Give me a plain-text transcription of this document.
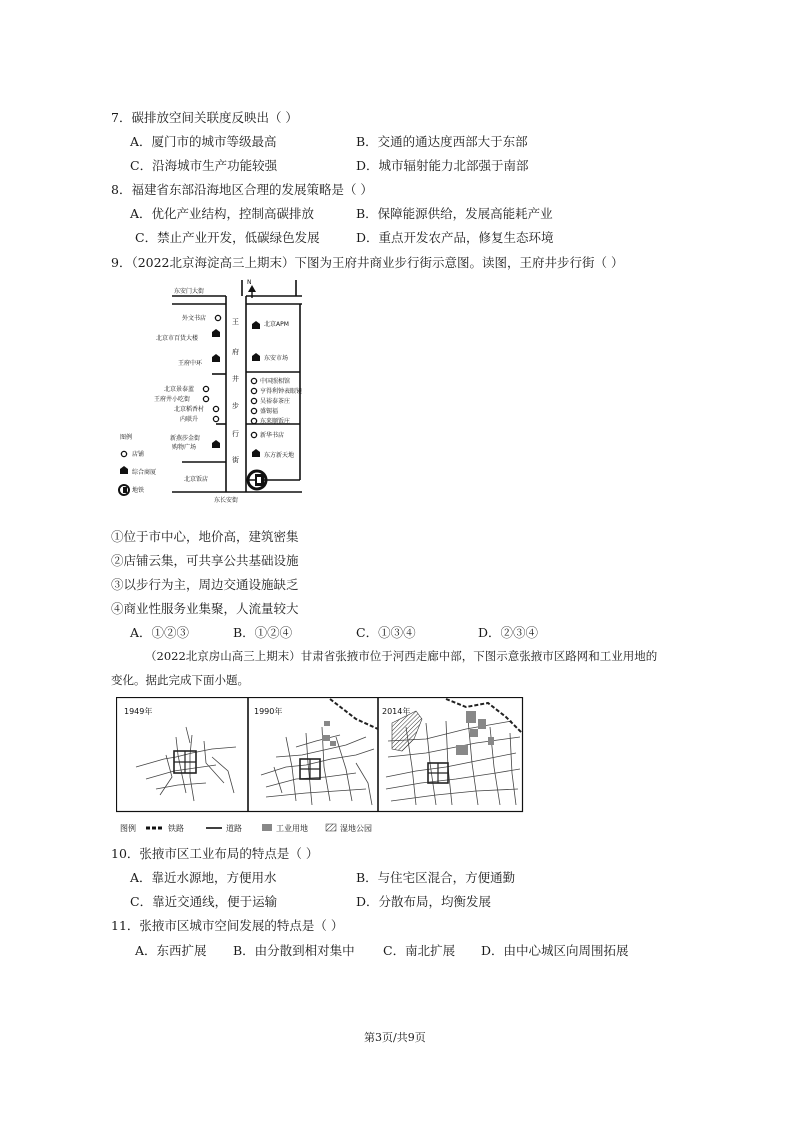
7．碳排放空间关联度反映出（ ）
A．厦门市的城市等级最高	B．交通的通达度西部大于东部
C．沿海城市生产功能较强	D．城市辐射能力北部强于南部
8．福建省东部沿海地区合理的发展策略是（ ）
A．优化产业结构，控制高碳排放	B．保障能源供给，发展高能耗产业
C．禁止产业开发，低碳绿色发展	D．重点开发农产品，修复生态环境
9．（2022北京海淀高三上期末）下图为王府井商业步行街示意图。读图，王府井步行街（ ）
N
东安门大街
东长安街
王
府
井
步
行
街
外文书店
北京市百货大楼
王府中环
北京景泰蓝
王府井小吃街
北京稻香村
内联升
新燕莎金街
购物广场
北京饭店
北京APM
东安市场
中国照相馆
亨得利钟表眼镜
吴裕泰茶庄
盛锡福
东来顺饭庄
新华书店
东方新天地
图例
店铺
综合商厦
地铁
①位于市中心，地价高，建筑密集
②店铺云集，可共享公共基础设施
③以步行为主，周边交通设施缺乏
④商业性服务业集聚，人流量较大
A．①②③	B．①②④	C．①③④	D．②③④
（2022北京房山高三上期末）甘肃省张掖市位于河西走廊中部，下图示意张掖市区路网和工业用地的
变化。据此完成下面小题。
1949年	1990年	2014年
图例	铁路	道路	工业用地	湿地公园
10．张掖市区工业布局的特点是（ ）
A．靠近水源地，方便用水	B．与住宅区混合，方便通勤
C．靠近交通线，便于运输	D．分散布局，均衡发展
11．张掖市区城市空间发展的特点是（ ）
A．东西扩展 B．由分散到相对集中 C．南北扩展 D．由中心城区向周围拓展
第3页/共9页
